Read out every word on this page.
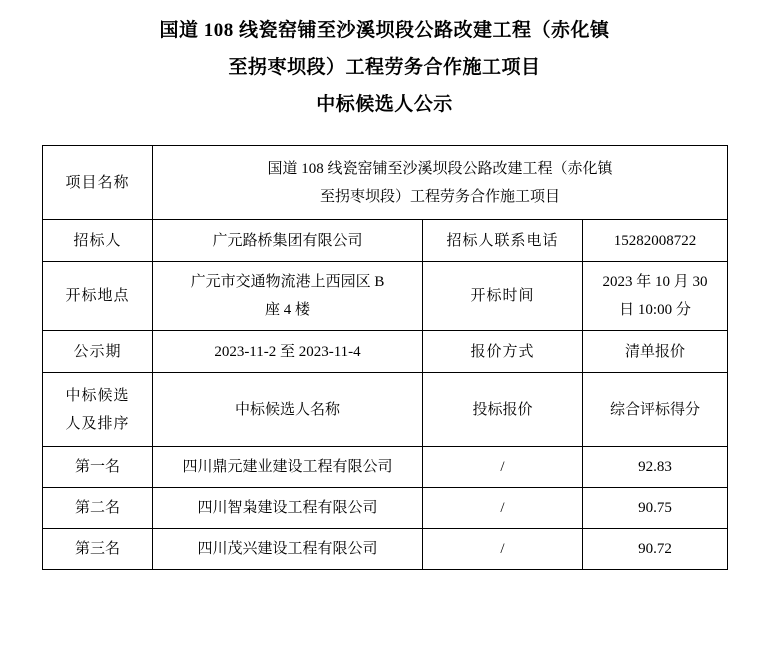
国道 108 线瓷窑铺至沙溪坝段公路改建工程（赤化镇
至拐枣坝段）工程劳务合作施工项目
中标候选人公示
项目名称	国道 108 线瓷窑铺至沙溪坝段公路改建工程（赤化镇
至拐枣坝段）工程劳务合作施工项目		

招标人	广元路桥集团有限公司	招标人联系电话	15282008722
开标地点	广元市交通物流港上西园区 B
座 4 楼	开标时间	2023 年 10 月 30
日 10:00 分

公示期	2023-11-2 至 2023-11-4	报价方式	清单报价

中标候选
人及排序	中标候选人名称	投标报价	综合评标得分
第一名	四川鼎元建业建设工程有限公司	/	92.83
第二名	四川智枭建设工程有限公司	/	90.75
第三名	四川茂兴建设工程有限公司	/	90.72
